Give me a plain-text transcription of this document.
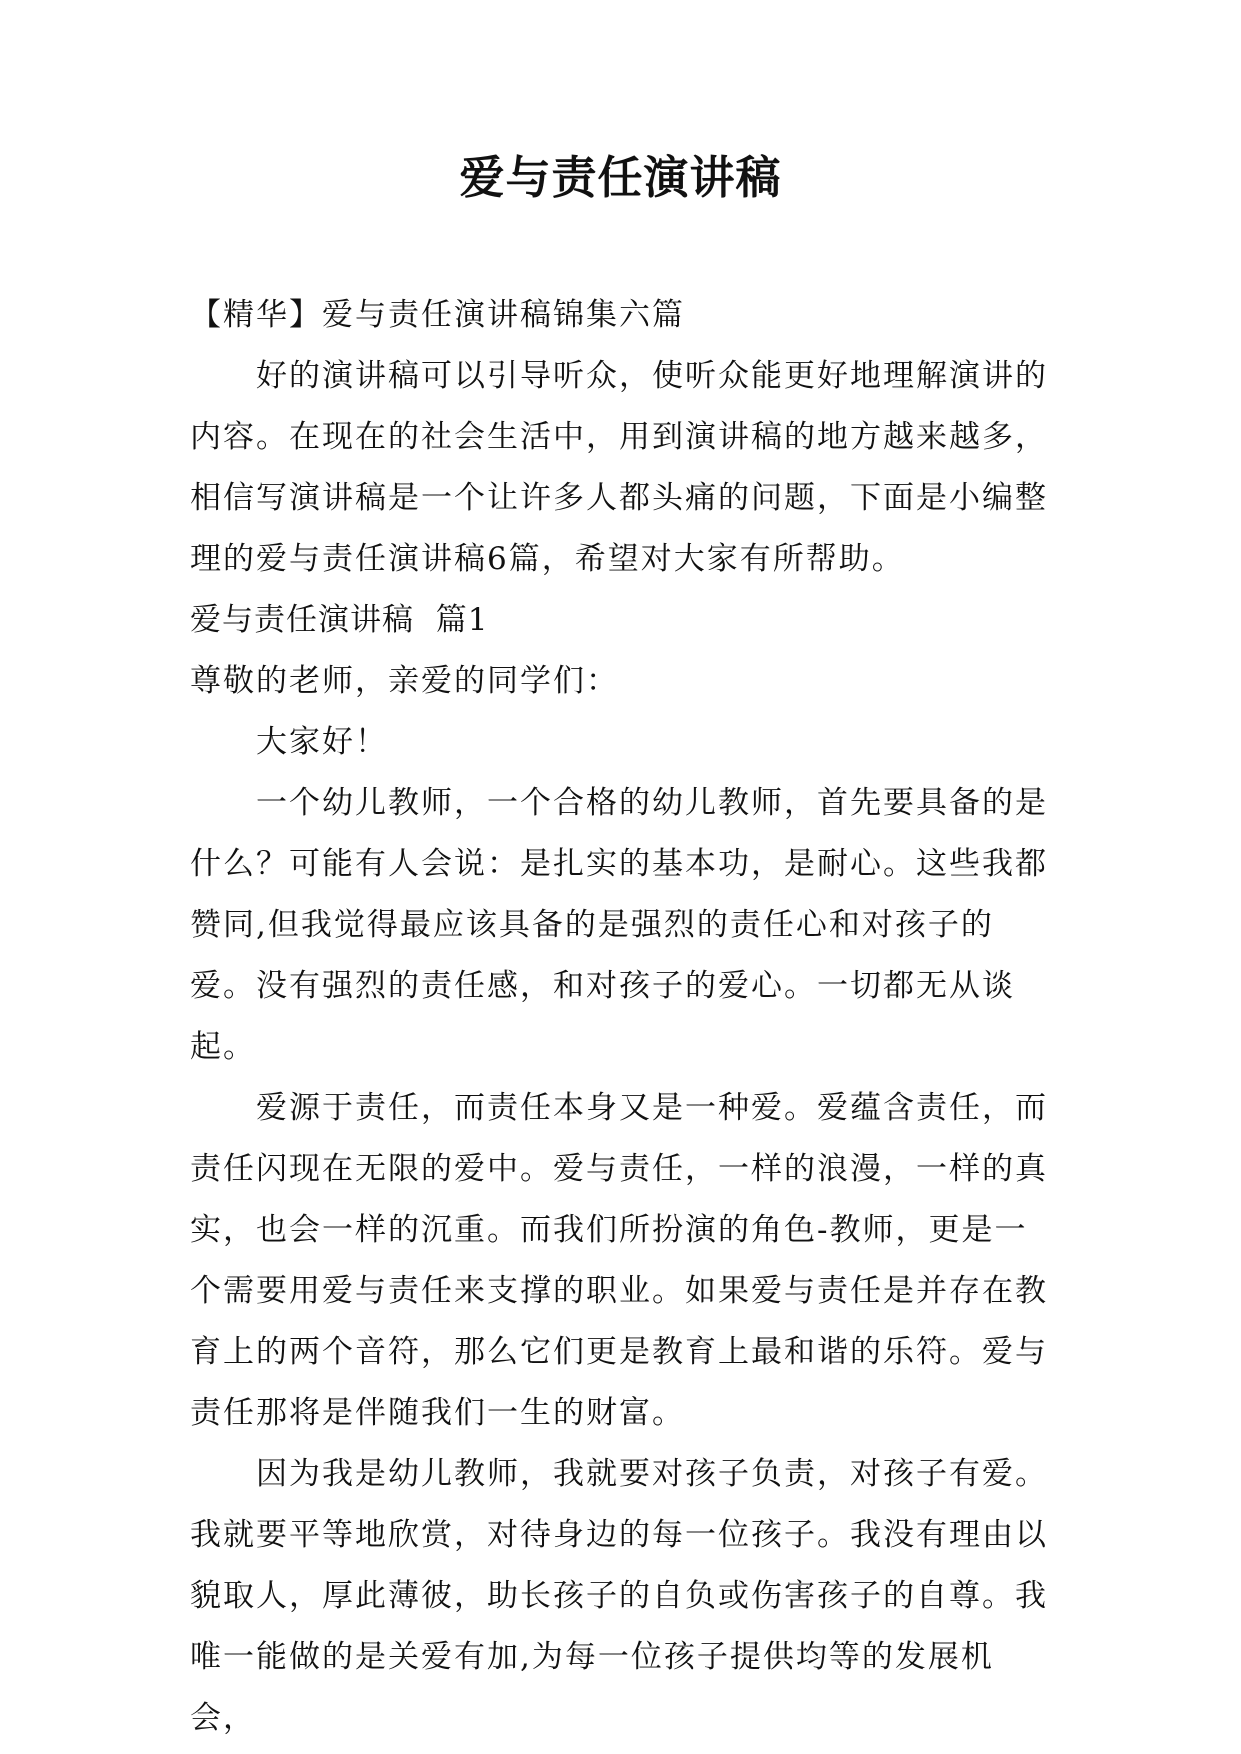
爱与责任演讲稿

【精华】爱与责任演讲稿锦集六篇

好的演讲稿可以引导听众，使听众能更好地理解演讲的内容。在现在的社会生活中，用到演讲稿的地方越来越多，相信写演讲稿是一个让许多人都头痛的问题，下面是小编整理的爱与责任演讲稿6篇，希望对大家有所帮助。

爱与责任演讲稿  篇1

尊敬的老师，亲爱的同学们：

大家好！

一个幼儿教师，一个合格的幼儿教师，首先要具备的是什么？可能有人会说：是扎实的基本功，是耐心。这些我都赞同,但我觉得最应该具备的是强烈的责任心和对孩子的爱。没有强烈的责任感，和对孩子的爱心。一切都无从谈起。

爱源于责任，而责任本身又是一种爱。爱蕴含责任，而责任闪现在无限的爱中。爱与责任，一样的浪漫，一样的真实，也会一样的沉重。而我们所扮演的角色-教师，更是一个需要用爱与责任来支撑的职业。如果爱与责任是并存在教育上的两个音符，那么它们更是教育上最和谐的乐符。爱与责任那将是伴随我们一生的财富。

因为我是幼儿教师，我就要对孩子负责，对孩子有爱。我就要平等地欣赏，对待身边的每一位孩子。我没有理由以貌取人，厚此薄彼，助长孩子的自负或伤害孩子的自尊。我唯一能做的是关爱有加,为每一位孩子提供均等的发展机会，
